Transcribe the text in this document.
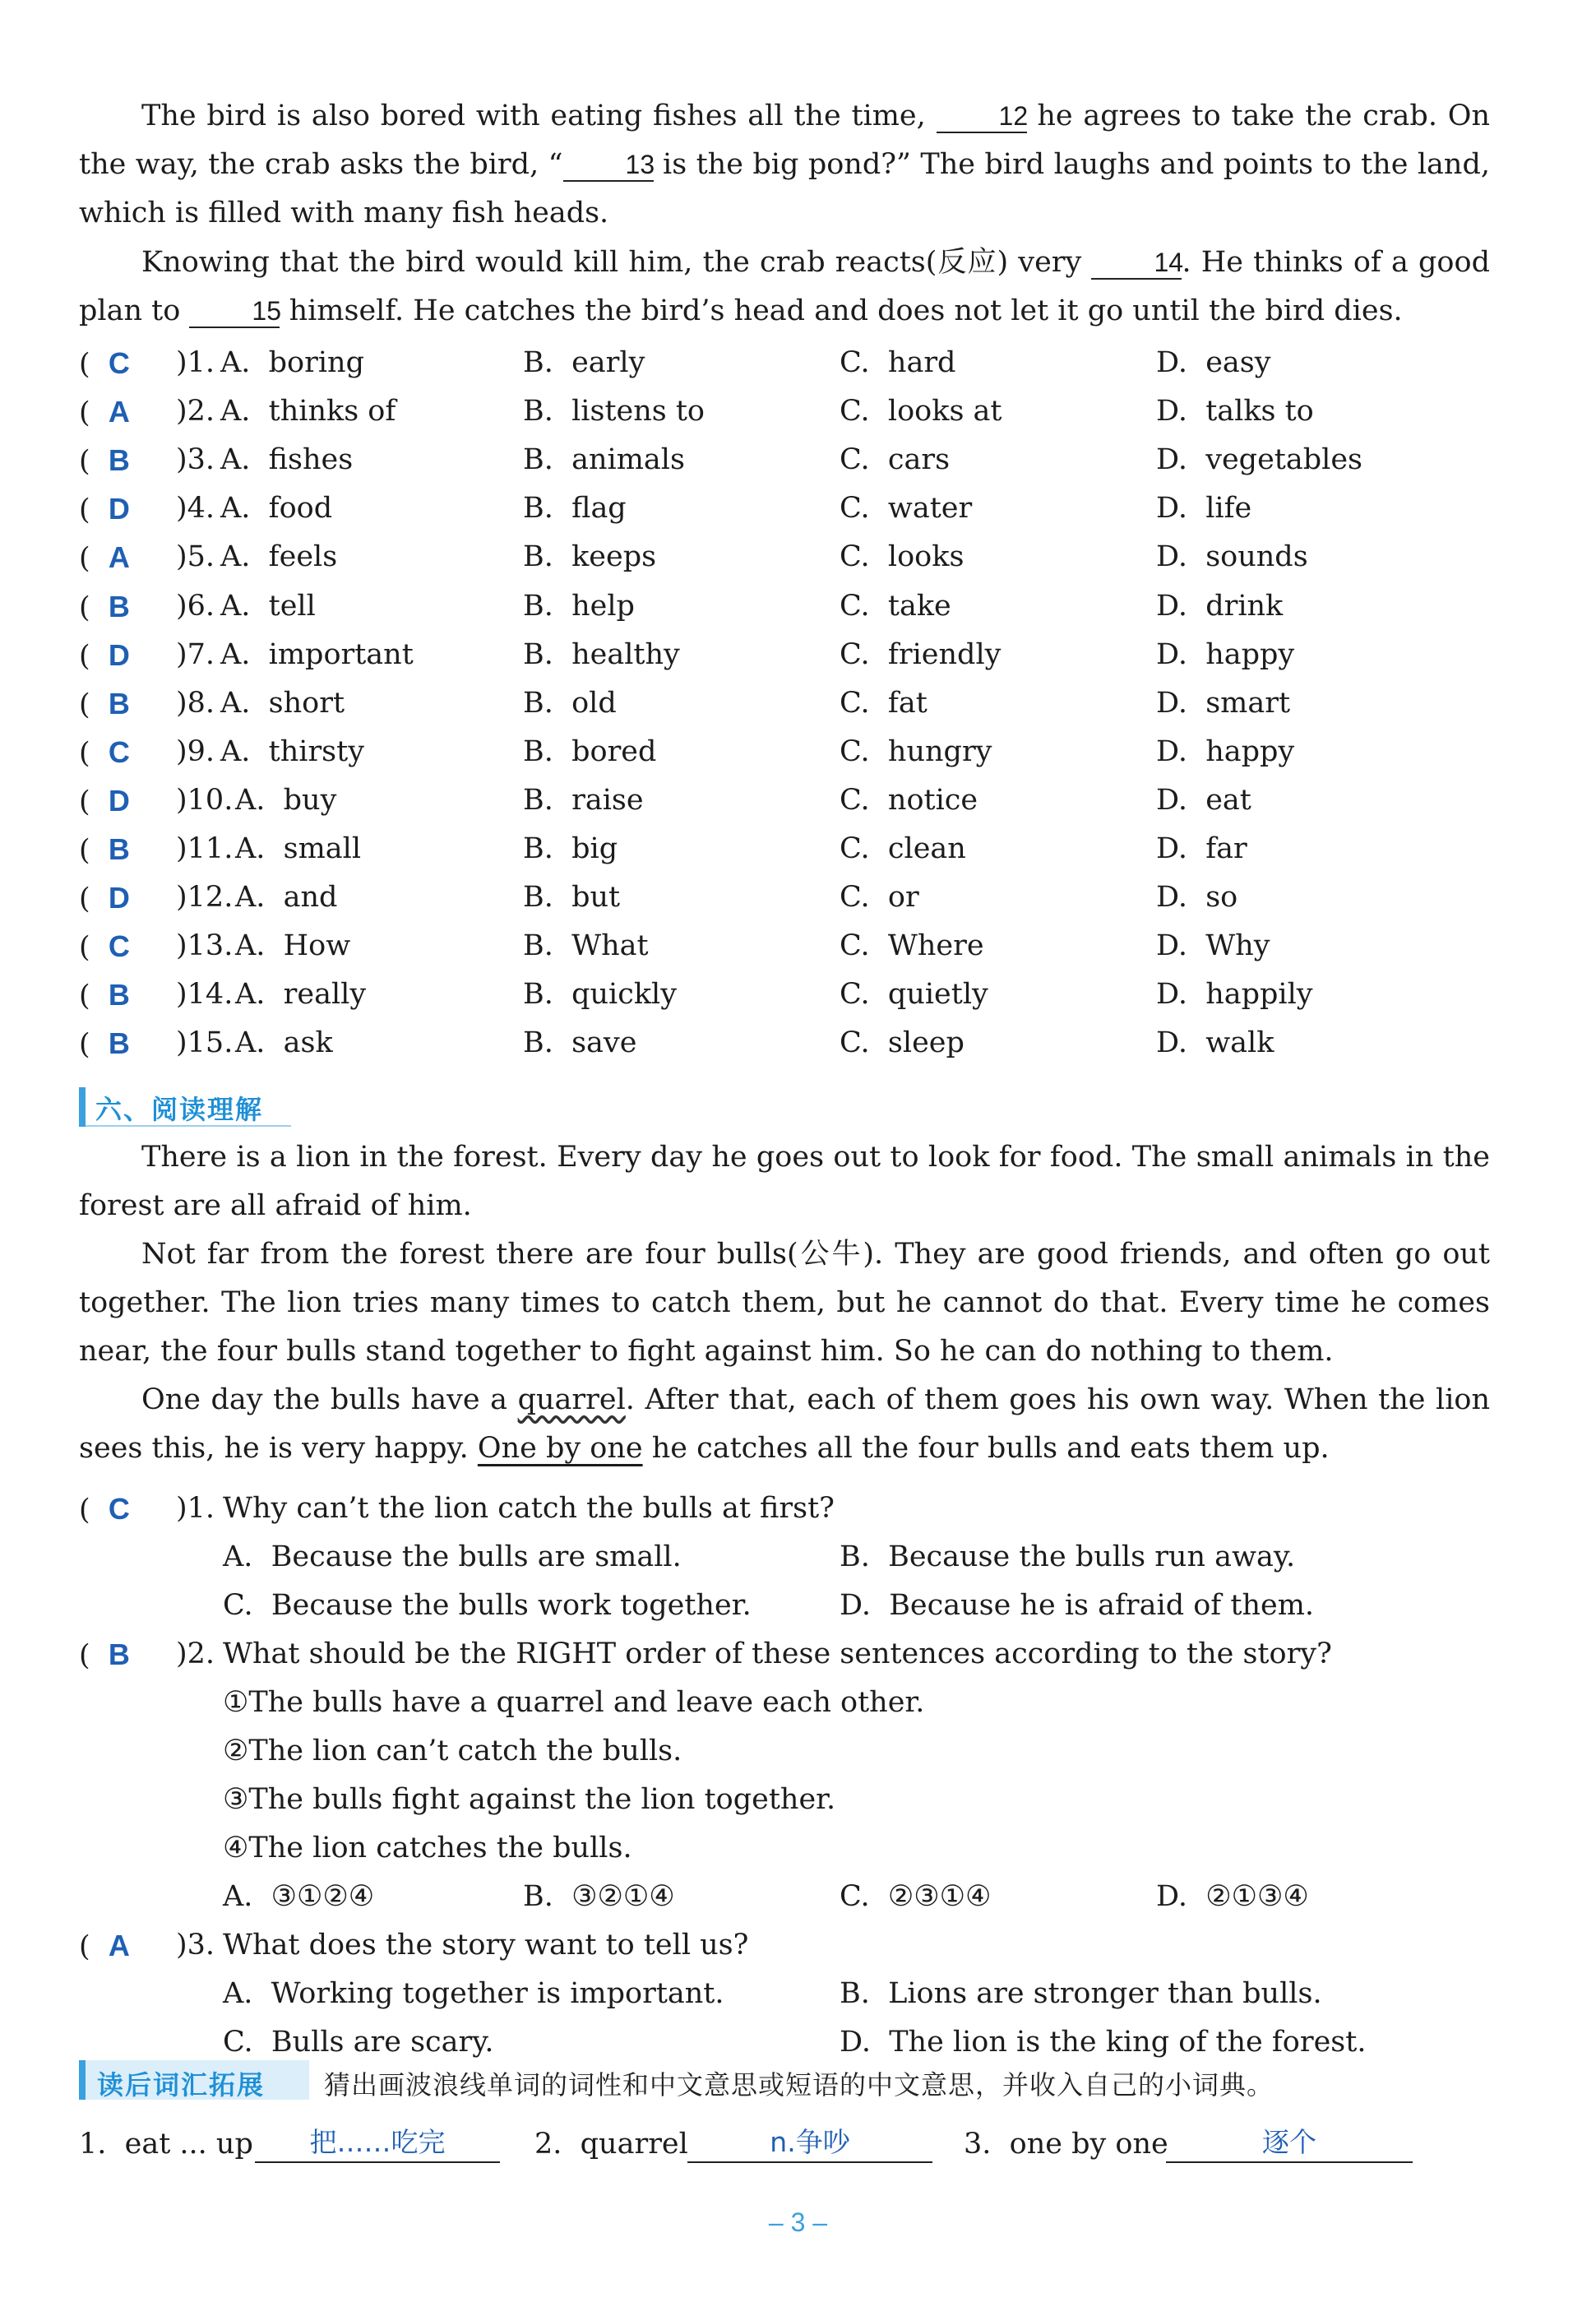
The bird is also bored with eating fishes all the time,	12 he agrees to take the crab. On the way, the crab asks the bird, “ 13 is the big pond?” The bird laughs and points to the land, which is filled with many fish heads.
Knowing that the bird would kill him, the crab reacts(反应) very	14. He thinks of a good plan to	15 himself. He catches the bird’s head and does not let it go until the bird dies.
(  C )1. A.  boring	B.  early	C.  hard	D.  easy
(  A )2. A.  thinks of	B.  listens to	C.  looks at	D.  talks to
(  B )3. A.  fishes	B.  animals	C.  cars	D.  vegetables
(  D )4. A.  food	B.  flag	C.  water	D.  life
(  A )5. A.  feels	B.  keeps	C.  looks	D.  sounds
(  B )6. A.  tell	B.  help	C.  take	D.  drink
(  D )7. A.  important	B.  healthy	C.  friendly	D.  happy
(  B )8. A.  short	B.  old	C.  fat	D.  smart
(  C )9. A.  thirsty	B.  bored	C.  hungry	D.  happy
(  D )10. A.  buy	B.  raise	C.  notice	D.  eat
(  B )11. A.  small	B.  big	C.  clean	D.  far
(  D )12. A.  and	B.  but	C.  or	D.  so
(  C )13. A.  How	B.  What	C.  Where	D.  Why
(  B )14. A.  really	B.  quickly	C.  quietly	D.  happily
(  B )15. A.  ask	B.  save	C.  sleep	D.  walk
六、阅读理解
There is a lion in the forest. Every day he goes out to look for food. The small animals in the forest are all afraid of him.
Not far from the forest there are four bulls(公牛). They are good friends, and often go out together. The lion tries many times to catch them, but he cannot do that. Every time he comes near, the four bulls stand together to fight against him. So he can do nothing to them.
One day the bulls have a quarrel. After that, each of them goes his own way. When the lion sees this, he is very happy. One by one he catches all the four bulls and eats them up.
(  C )1. Why can’t the lion catch the bulls at first?
A.  Because the bulls are small.	B.  Because the bulls run away.
C.  Because the bulls work together.	D.  Because he is afraid of them.
(  B )2. What should be the RIGHT order of these sentences according to the story?
①The bulls have a quarrel and leave each other.
②The lion can’t catch the bulls.
③The bulls fight against the lion together.
④The lion catches the bulls.
A.  ③①②④	B.  ③②①④	C.  ②③①④	D.  ②①③④
(  A )3. What does the story want to tell us?
A.  Working together is important.	B.  Lions are stronger than bulls.
C.  Bulls are scary.	D.  The lion is the king of the forest.
读后词汇拓展 猜出画波浪线单词的词性和中文意思或短语的中文意思，并收入自己的小词典。
1.  eat ... up	把……吃完	2.  quarrel	n.争吵	3.  one by one	逐个
– 3 –
